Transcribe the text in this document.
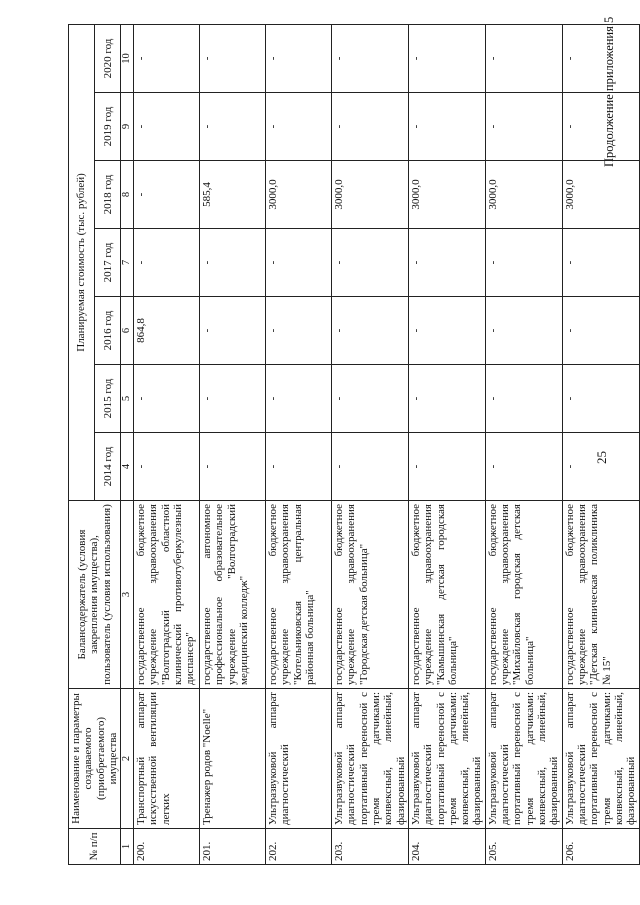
25
Продолжение приложения 5
№ п/п	Наименование и параметры создаваемого (приобретаемого) имущества	Балансодержатель (условия закрепления имущества), пользователь (условия использования)	Планируемая стоимость (тыс. рублей)						
			2014 год	2015 год	2016 год	2017 год	2018 год	2019 год	2020 год
1	2	3	4	5	6	7	8	9	10
200.	Транспортный аппарат искусственной вентиляции легких	государственное бюджетное учреждение здравоохранения "Волгоградский областной клинический противотуберкулезный диспансер"	-	-	864,8	-	-	-	-
201.	Тренажер родов "Noelle"	государственное автономное профессиональное образовательное учреждение "Волгоградский медицинский колледж"	-	-	-	-	585,4	-	-
202.	Ультразвуковой аппарат диагностический	государственное бюджетное учреждение здравоохранения "Котельниковская центральная районная больница"	-	-	-	-	3000,0	-	-
203.	Ультразвуковой аппарат диагностический портативный переносной с тремя датчиками: конвексный, линейный, фазированный	государственное бюджетное учреждение здравоохранения "Городская детская больница"	-	-	-	-	3000,0	-	-
204.	Ультразвуковой аппарат диагностический портативный переносной с тремя датчиками: конвексный, линейный, фазированный	государственное бюджетное учреждение здравоохранения "Камышинская детская городская больница"	-	-	-	-	3000,0	-	-
205.	Ультразвуковой аппарат диагностический портативный переносной с тремя датчиками: конвексный, линейный, фазированный	государственное бюджетное учреждение здравоохранения "Михайловская городская детская больница"	-	-	-	-	3000,0	-	-
206.	Ультразвуковой аппарат диагностический портативный переносной с тремя датчиками: конвексный, линейный, фазированный	государственное бюджетное учреждение здравоохранения "Детская клиническая поликлиника № 15"	-	-	-	-	3000,0	-	-
